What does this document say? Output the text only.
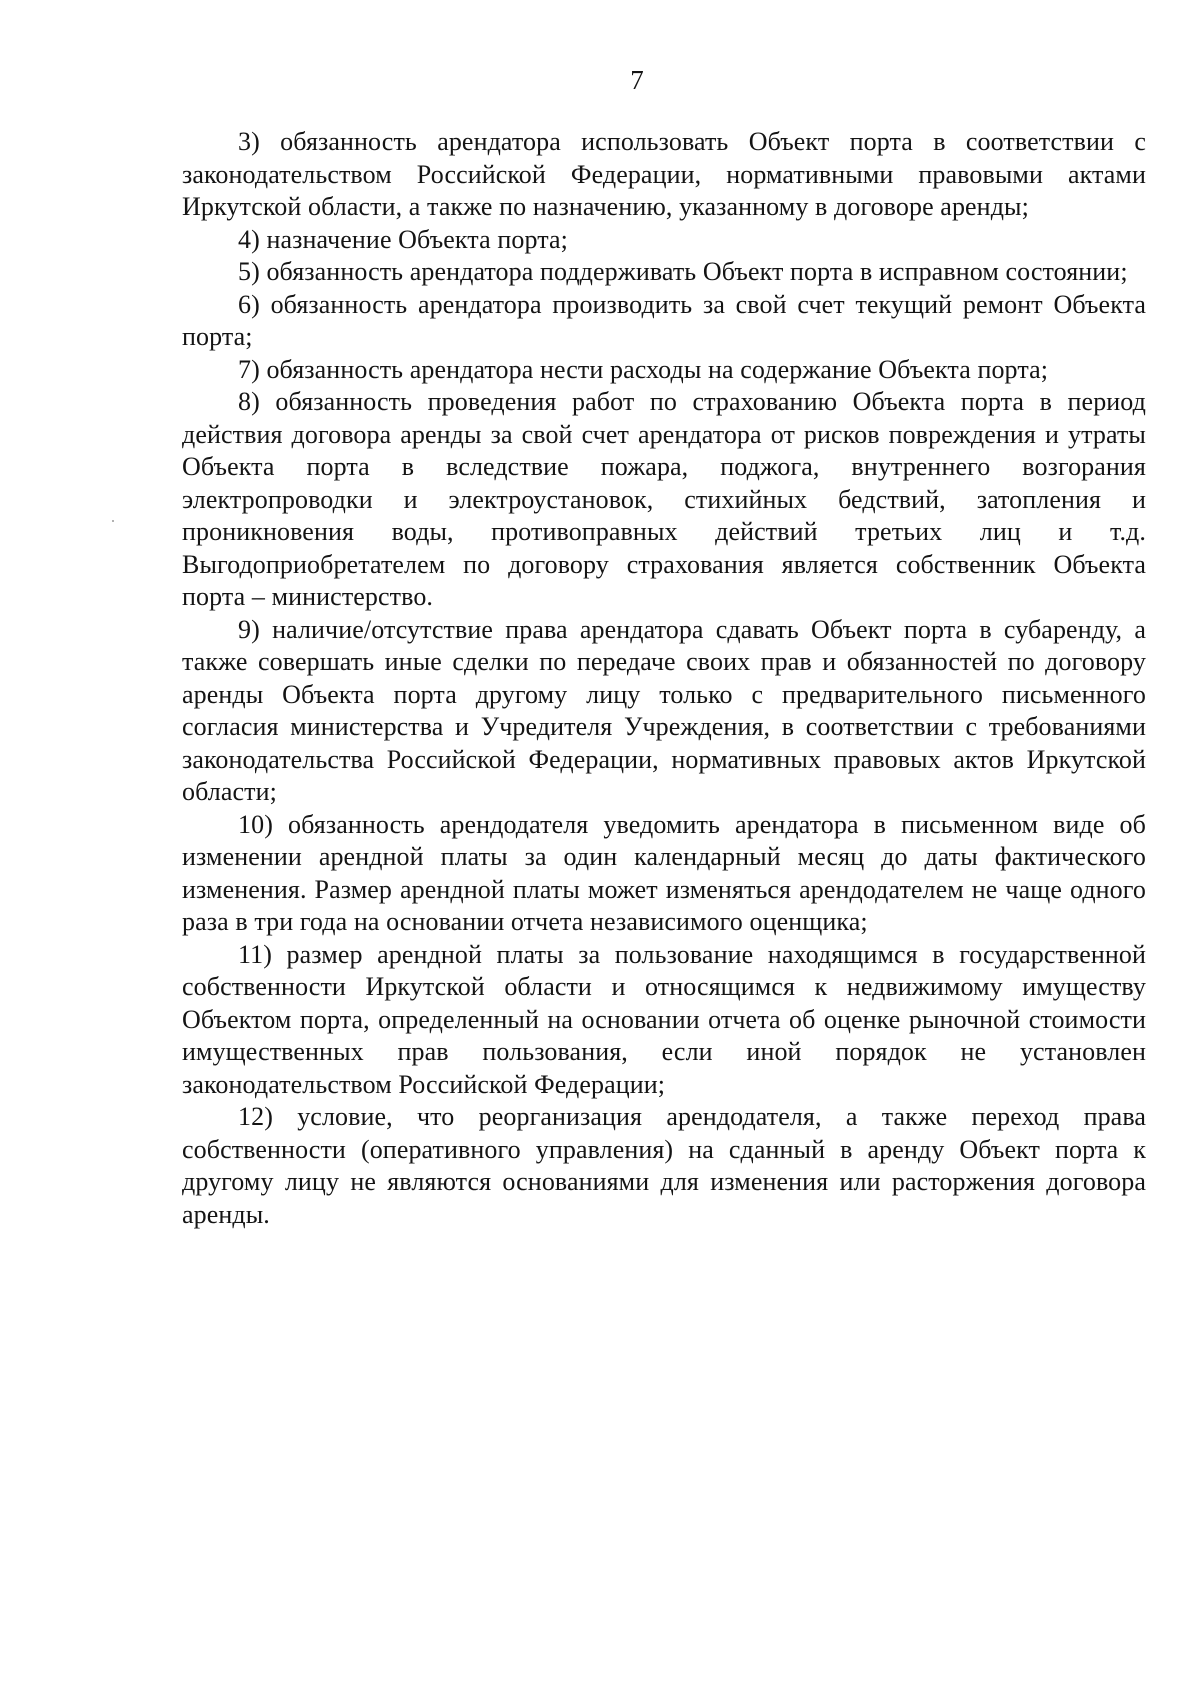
7

3) обязанность арендатора использовать Объект порта в соответствии с законодательством Российской Федерации, нормативными правовыми актами Иркутской области, а также по назначению, указанному в договоре аренды;

4) назначение Объекта порта;

5) обязанность арендатора поддерживать Объект порта в исправном состоянии;

6) обязанность арендатора производить за свой счет текущий ремонт Объекта порта;

7) обязанность арендатора нести расходы на содержание Объекта порта;

8) обязанность проведения работ по страхованию Объекта порта в период действия договора аренды за свой счет арендатора от рисков повреждения и утраты Объекта порта в вследствие пожара, поджога, внутреннего возгорания электропроводки и электроустановок, стихийных бедствий, затопления и проникновения воды, противоправных действий третьих лиц и т.д. Выгодоприобретателем по договору страхования является собственник Объекта порта – министерство.

9) наличие/отсутствие права арендатора сдавать Объект порта в субаренду, а также совершать иные сделки по передаче своих прав и обязанностей по договору аренды Объекта порта другому лицу только с предварительного письменного согласия министерства и Учредителя Учреждения, в соответствии с требованиями законодательства Российской Федерации, нормативных правовых актов Иркутской области;

10) обязанность арендодателя уведомить арендатора в письменном виде об изменении арендной платы за один календарный месяц до даты фактического изменения. Размер арендной платы может изменяться арендодателем не чаще одного раза в три года на основании отчета независимого оценщика;

11) размер арендной платы за пользование находящимся в государственной собственности Иркутской области и относящимся к недвижимому имуществу Объектом порта, определенный на основании отчета об оценке рыночной стоимости имущественных прав пользования, если иной порядок не установлен законодательством Российской Федерации;

12) условие, что реорганизация арендодателя, а также переход права собственности (оперативного управления) на сданный в аренду Объект порта к другому лицу не являются основаниями для изменения или расторжения договора аренды.
